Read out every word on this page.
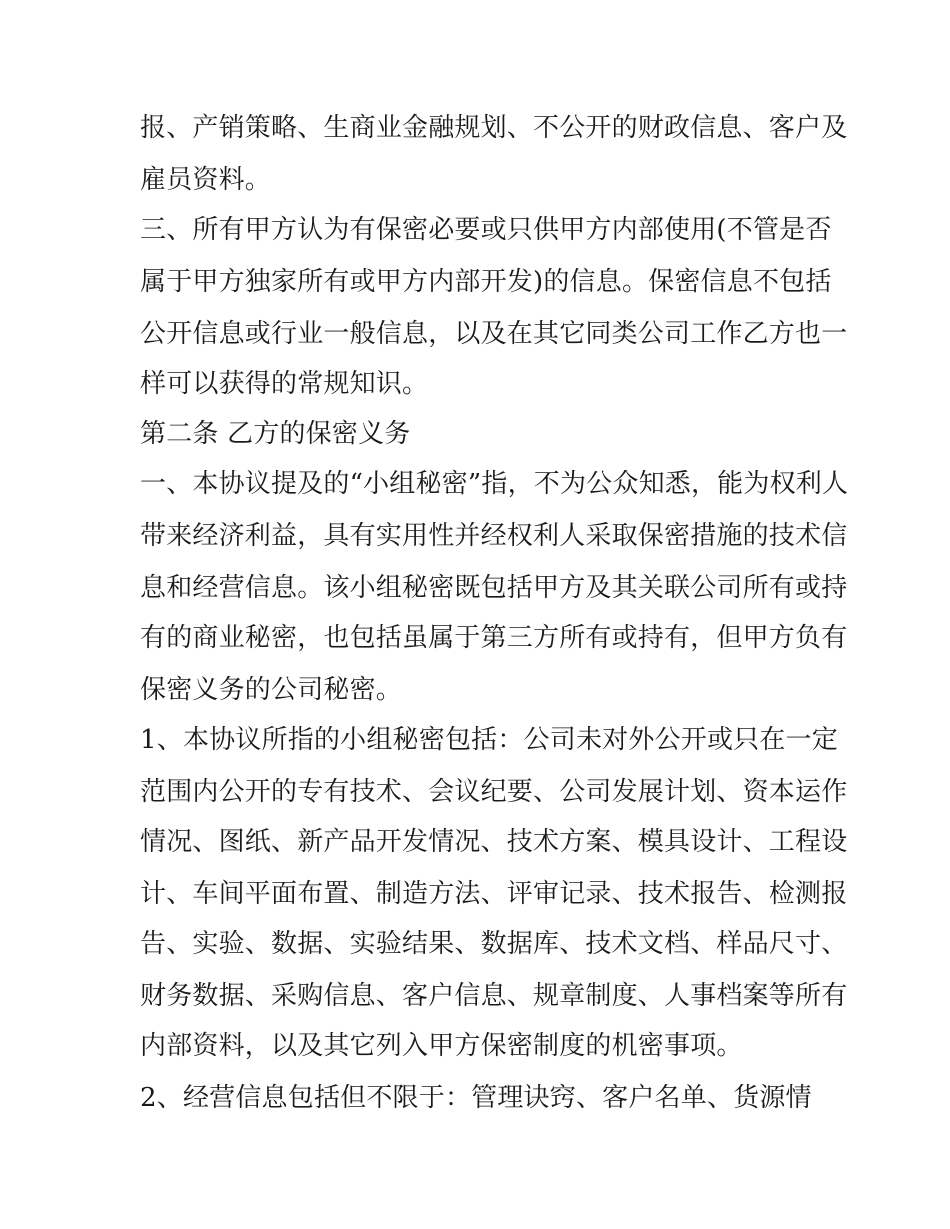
报、产销策略、生商业金融规划、不公开的财政信息、客户及
雇员资料。
三、所有甲方认为有保密必要或只供甲方内部使用(不管是否
属于甲方独家所有或甲方内部开发)的信息。保密信息不包括
公开信息或行业一般信息，以及在其它同类公司工作乙方也一
样可以获得的常规知识。
第二条 乙方的保密义务
一、本协议提及的“小组秘密”指，不为公众知悉，能为权利人
带来经济利益，具有实用性并经权利人采取保密措施的技术信
息和经营信息。该小组秘密既包括甲方及其关联公司所有或持
有的商业秘密，也包括虽属于第三方所有或持有，但甲方负有
保密义务的公司秘密。
1、本协议所指的小组秘密包括：公司未对外公开或只在一定
范围内公开的专有技术、会议纪要、公司发展计划、资本运作
情况、图纸、新产品开发情况、技术方案、模具设计、工程设
计、车间平面布置、制造方法、评审记录、技术报告、检测报
告、实验、数据、实验结果、数据库、技术文档、样品尺寸、
财务数据、采购信息、客户信息、规章制度、人事档案等所有
内部资料，以及其它列入甲方保密制度的机密事项。
2、经营信息包括但不限于：管理诀窍、客户名单、货源情
